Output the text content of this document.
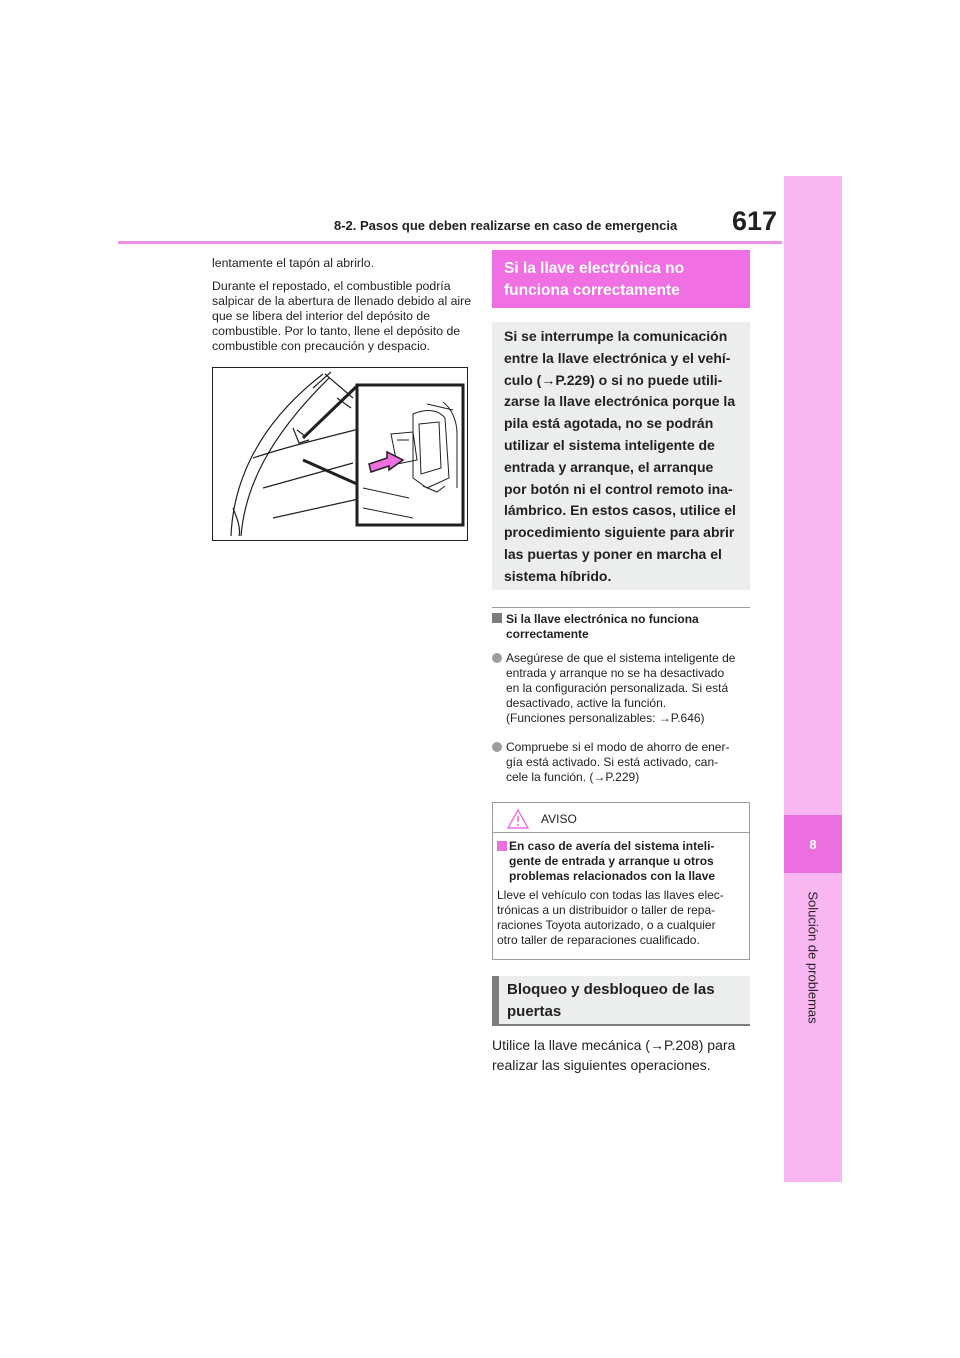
8
Solución de problemas
8-2. Pasos que deben realizarse en caso de emergencia 617

lentamente el tapón al abrirlo.

Durante el repostado, el combustible podría salpicar de la abertura de llenado debido al aire que se libera del interior del depósito de combustible. Por lo tanto, llene el depósito de combustible con precaución y despacio.

Si la llave electrónica no
funciona correctamente

Si se interrumpe la comunicación

entre la llave electrónica y el vehí-

culo (→P.229) o si no puede utili-

zarse la llave electrónica porque la

pila está agotada, no se podrán

utilizar el sistema inteligente de

entrada y arranque, el arranque

por botón ni el control remoto ina-

lámbrico. En estos casos, utilice el

procedimiento siguiente para abrir

las puertas y poner en marcha el

sistema híbrido.

Si la llave electrónica no funciona
correctamente
Asegúrese de que el sistema inteligente de
entrada y arranque no se ha desactivado
en la configuración personalizada. Si está
desactivado, active la función.
(Funciones personalizables: →P.646)
Compruebe si el modo de ahorro de ener-
gía está activado. Si está activado, can-
cele la función. (→P.229)
AVISO
En caso de avería del sistema inteli-
gente de entrada y arranque u otros
problemas relacionados con la llave
Lleve el vehículo con todas las llaves elec-
trónicas a un distribuidor o taller de repa-
raciones Toyota autorizado, o a cualquier
otro taller de reparaciones cualificado.
Bloqueo y desbloqueo de las
puertas
Utilice la llave mecánica (→P.208) para
realizar las siguientes operaciones.
